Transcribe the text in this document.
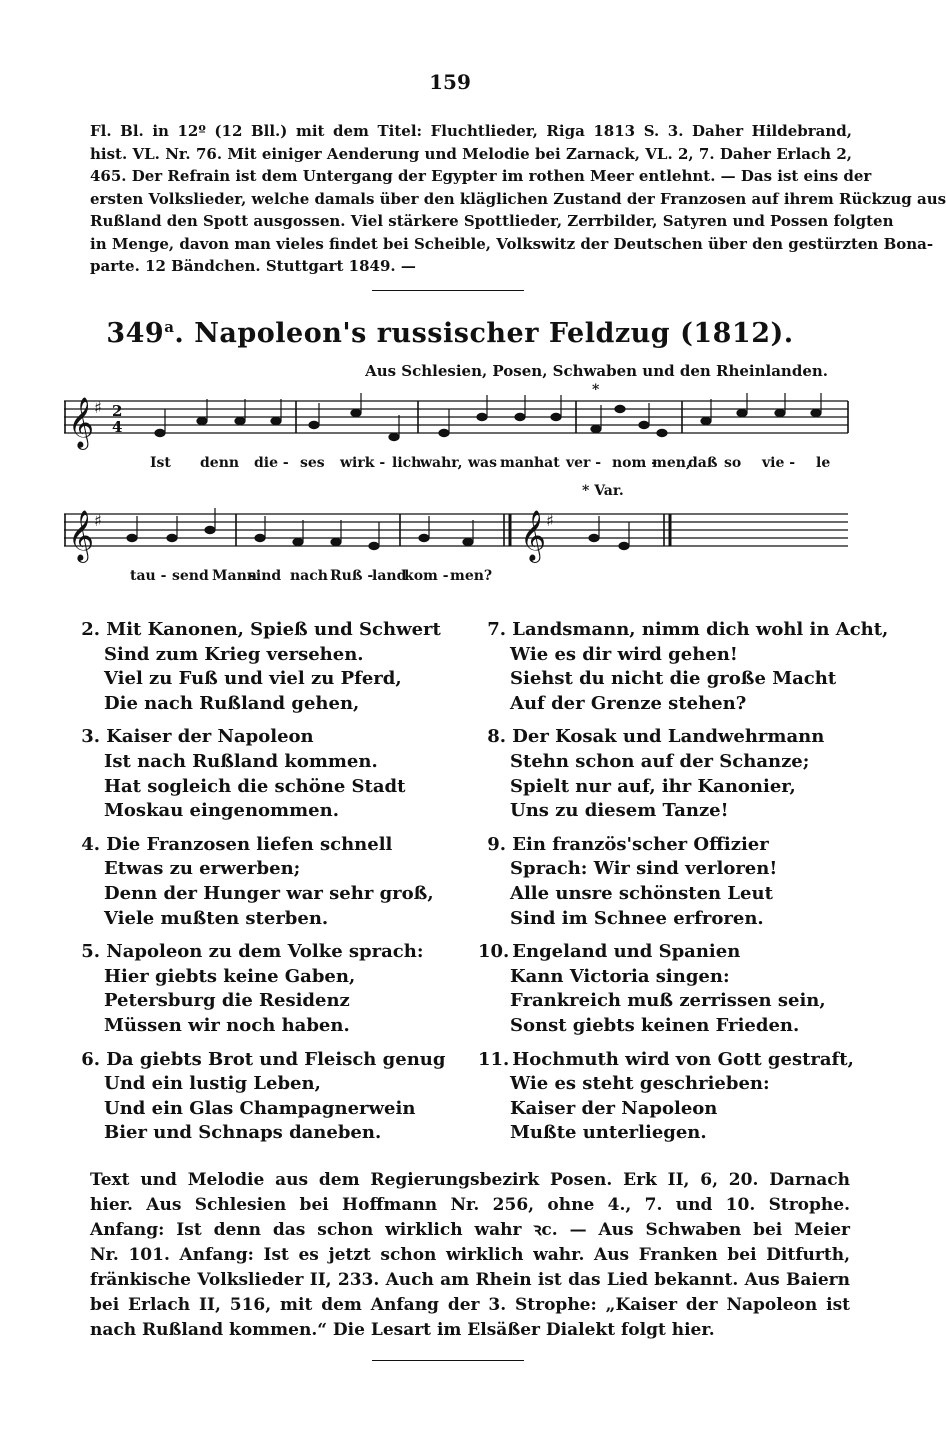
159
Fl. Bl. in 12º (12 Bll.) mit dem Titel: Fluchtlieder, Riga 1813 S. 3. Daher Hildebrand,
hist. VL. Nr. 76. Mit einiger Aenderung und Melodie bei Zarnack, VL. 2, 7. Daher Erlach 2,
465. Der Refrain ist dem Untergang der Egypter im rothen Meer entlehnt. — Das ist eins der
ersten Volkslieder, welche damals über den kläglichen Zustand der Franzosen auf ihrem Rückzug aus
Rußland den Spott ausgossen. Viel stärkere Spottlieder, Zerrbilder, Satyren und Possen folgten
in Menge, davon man vieles findet bei Scheible, Volkswitz der Deutschen über den gestürzten Bona-
parte. 12 Bändchen. Stuttgart 1849. —
349$^a$. Napoleon's russischer Feldzug (1812).
Aus Schlesien, Posen, Schwaben und den Rheinlanden.
𝄞 ♯ 2
4
*
Ist denn die - ses wirk - lich
wahr, was man hat ver - nom -
men,
daß so vie - le
* Var.
𝄞 ♯	𝄞 ♯
tau - send Mann
sind nach Ruß -
land
kom - men?
2. Mit Kanonen, Spieß und Schwert
Sind zum Krieg versehen.
Viel zu Fuß und viel zu Pferd,
Die nach Rußland gehen,
3. Kaiser der Napoleon
Ist nach Rußland kommen.
Hat sogleich die schöne Stadt
Moskau eingenommen.
4. Die Franzosen liefen schnell
Etwas zu erwerben;
Denn der Hunger war sehr groß,
Viele mußten sterben.
5. Napoleon zu dem Volke sprach:
Hier giebts keine Gaben,
Petersburg die Residenz
Müssen wir noch haben.
6. Da giebts Brot und Fleisch genug
Und ein lustig Leben,
Und ein Glas Champagnerwein
Bier und Schnaps daneben.
7. Landsmann, nimm dich wohl in Acht,
Wie es dir wird gehen!
Siehst du nicht die große Macht
Auf der Grenze stehen?
8. Der Kosak und Landwehrmann
Stehn schon auf der Schanze;
Spielt nur auf, ihr Kanonier,
Uns zu diesem Tanze!
9. Ein französ'scher Offizier
Sprach: Wir sind verloren!
Alle unsre schönsten Leut
Sind im Schnee erfroren.
10. Engeland und Spanien
Kann Victoria singen:
Frankreich muß zerrissen sein,
Sonst giebts keinen Frieden.
11. Hochmuth wird von Gott gestraft,
Wie es steht geschrieben:
Kaiser der Napoleon
Mußte unterliegen.
Text und Melodie aus dem Regierungsbezirk Posen. Erk II, 6, 20. Darnach
hier. Aus Schlesien bei Hoffmann Nr. 256, ohne 4., 7. und 10. Strophe.
Anfang: Ist denn das schon wirklich wahr ꝛc. — Aus Schwaben bei Meier
Nr. 101. Anfang: Ist es jetzt schon wirklich wahr. Aus Franken bei Ditfurth,
fränkische Volkslieder II, 233. Auch am Rhein ist das Lied bekannt. Aus Baiern
bei Erlach II, 516, mit dem Anfang der 3. Strophe: „Kaiser der Napoleon ist
nach Rußland kommen.“ Die Lesart im Elsäßer Dialekt folgt hier.
